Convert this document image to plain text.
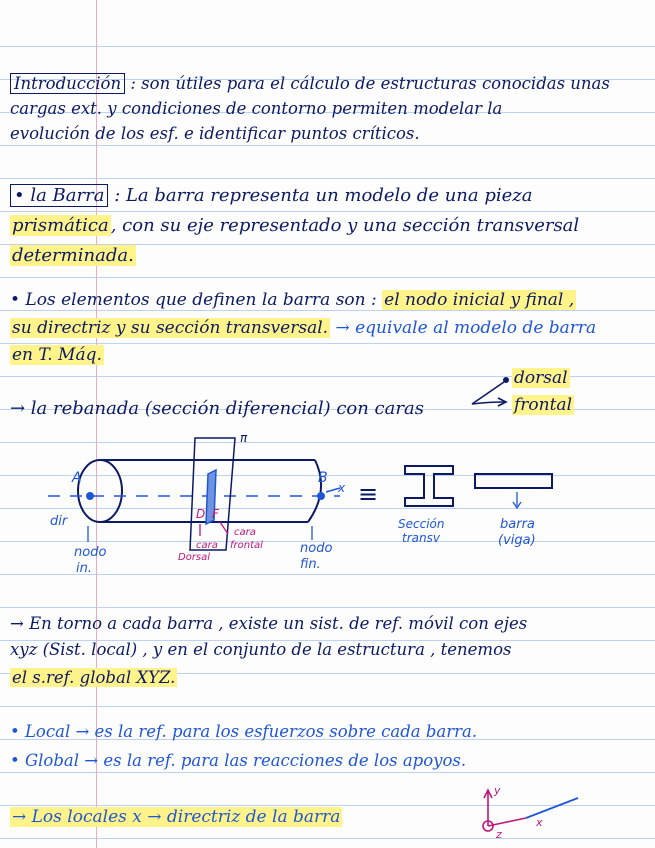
Introducción : son útiles para el cálculo de estructuras conocidas unas
cargas ext. y condiciones de contorno permiten modelar la
evolución de los esf. e identificar puntos críticos.
• la Barra : La barra representa un modelo de una pieza
prismática , con su eje representado y una sección transversal
determinada.
• Los elementos que definen la barra son : el nodo inicial y final ,
su directriz y su sección transversal. → equivale al modelo de barra
en T. Máq.
→ la rebanada (sección diferencial) con caras
dorsal
frontal
π
A	B
x
dir	D F
cara
frontal
cara
Dorsal
nodo
in.
nodo
fin.
≡
Sección
transv
barra
(viga)
→ En torno a cada barra , existe un sist. de ref. móvil con ejes
xyz (Sist. local) , y en el conjunto de la estructura , tenemos
el s.ref. global XYZ.
• Local → es la ref. para los esfuerzos sobre cada barra.
• Global → es la ref. para las reacciones de los apoyos.
→ Los locales x → directriz de la barra
y
x
z
